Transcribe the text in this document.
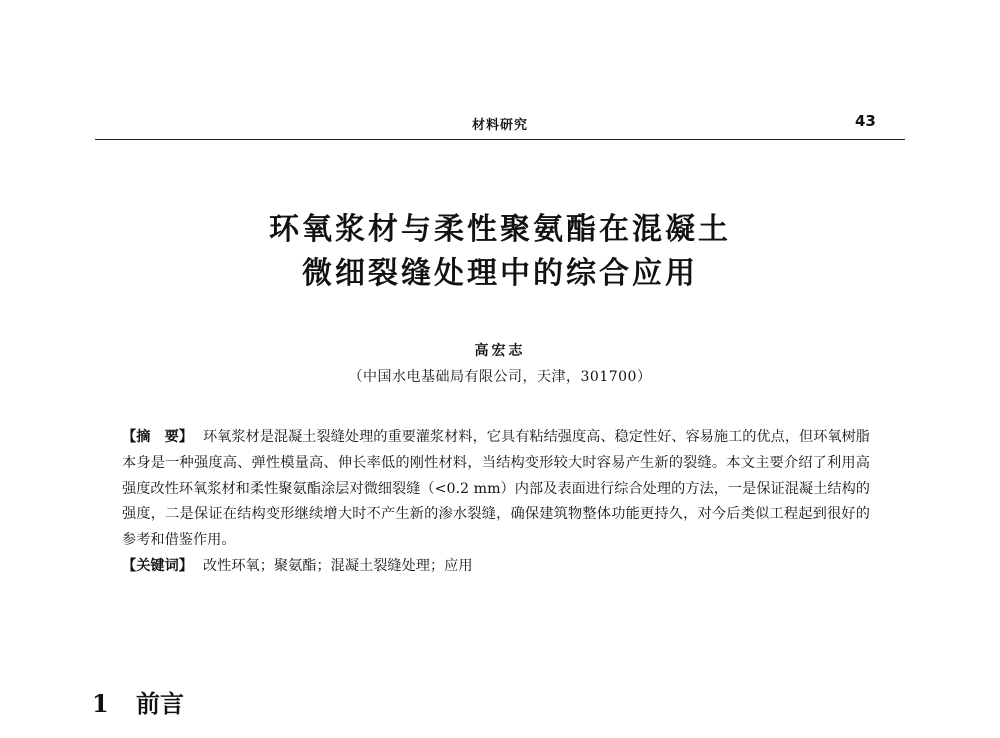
材料研究	43
环氧浆材与柔性聚氨酯在混凝土
微细裂缝处理中的综合应用
高宏志
（中国水电基础局有限公司，天津，301700）

【摘　要】 环氧浆材是混凝土裂缝处理的重要灌浆材料，它具有粘结强度高、稳定性好、容易施工的优点，但环氧树脂本身是一种强度高、弹性模量高、伸长率低的刚性材料，当结构变形较大时容易产生新的裂缝。本文主要介绍了利用高强度改性环氧浆材和柔性聚氨酯涂层对微细裂缝（<0.2 mm）内部及表面进行综合处理的方法，一是保证混凝土结构的强度，二是保证在结构变形继续增大时不产生新的渗水裂缝，确保建筑物整体功能更持久，对今后类似工程起到很好的参考和借鉴作用。

【关键词】 改性环氧；聚氨酯；混凝土裂缝处理；应用

1 前言
